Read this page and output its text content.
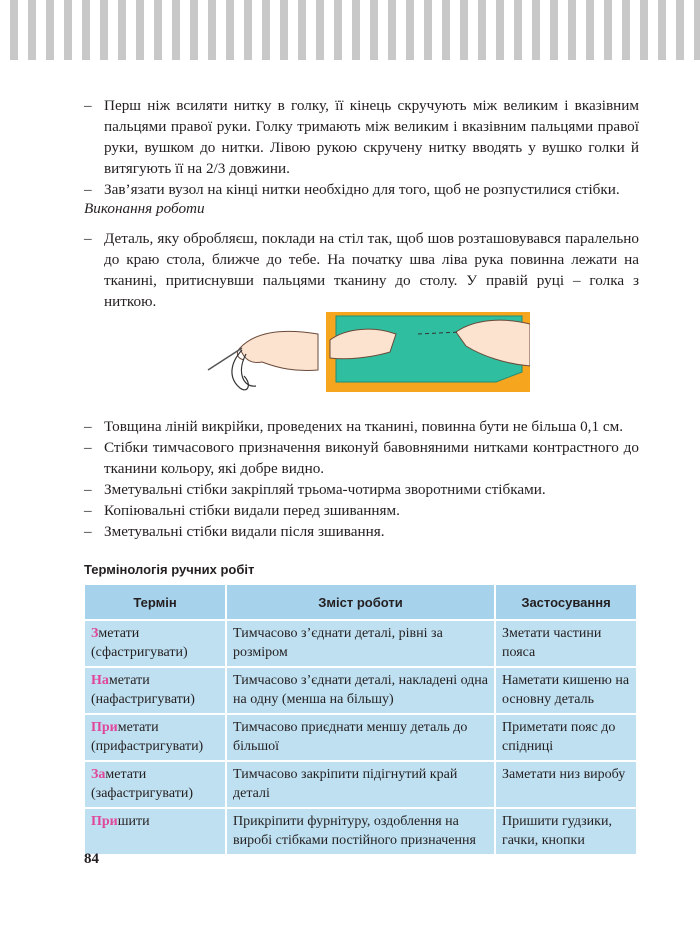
– Перш ніж всиляти нитку в голку, її кінець скручують між великим і вказівним пальцями правої руки. Голку тримають між великим і вказівним пальцями правої руки, вушком до нитки. Лівою рукою скручену нитку вводять у вушко голки й витягують її на 2/3 довжини.
– Зав’язати вузол на кінці нитки необхідно для того, щоб не розпустилися стібки.
Виконання роботи
– Деталь, яку обробляєш, поклади на стіл так, щоб шов розташовувався паралельно до краю стола, ближче до тебе. На початку шва ліва рука повинна лежати на тканині, притиснувши пальцями тканину до столу. У правій руці – голка з ниткою.
– Товщина ліній викрійки, проведених на тканині, повинна бути не більша 0,1 см.
– Стібки тимчасового призначення виконуй бавовняними нитками контрастного до тканини кольору, які добре видно.
– Зметувальні стібки закріпляй трьома-чотирма зворотними стібками.
– Копіювальні стібки видали перед зшиванням.
– Зметувальні стібки видали після зшивання.
Термінологія ручних робіт
Термін	Зміст роботи	Застосування
Зметати
(сфастригувати)	Тимчасово з’єднати деталі, рівні за розміром	Зметати частини пояса
Наметати
(нафастригувати)	Тимчасово з’єднати деталі, накладені одна на одну (менша на більшу)	Наметати кишеню на основну деталь
Приметати
(прифастригувати)	Тимчасово приєднати меншу деталь до більшої	Приметати пояс до спідниці
Заметати
(зафастригувати)	Тимчасово закріпити підігнутий край деталі	Заметати низ виробу
Пришити	Прикріпити фурнітуру, оздоблення на виробі стібками постійного призначення	Пришити гудзики, гачки, кнопки
84
